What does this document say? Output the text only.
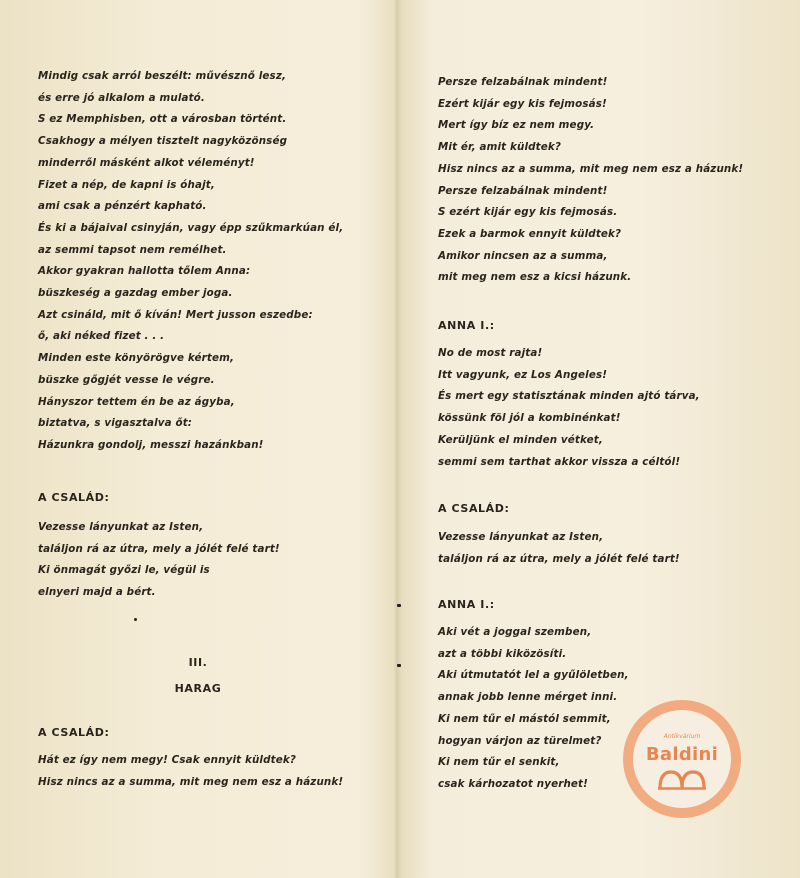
Mindig csak arról beszélt: művésznő lesz,
és erre jó alkalom a mulató.
S ez Memphisben, ott a városban történt.
Csakhogy a mélyen tisztelt nagyközönség
minderről másként alkot véleményt!
Fizet a nép, de kapni is óhajt,
ami csak a pénzért kapható.
És ki a bájaival csinyján, vagy épp szűkmarkúan él,
az semmi tapsot nem remélhet.
Akkor gyakran hallotta tőlem Anna:
büszkeség a gazdag ember joga.
Azt csináld, mit ő kíván! Mert jusson eszedbe:
ő, aki néked fizet . . .
Minden este könyörögve kértem,
büszke gőgjét vesse le végre.
Hányszor tettem én be az ágyba,
biztatva, s vigasztalva őt:
Házunkra gondolj, messzi hazánkban!
A CSALÁD:
Vezesse lányunkat az Isten,
találjon rá az útra, mely a jólét felé tart!
Ki önmagát győzi le, végül is
elnyeri majd a bért.
III.
HARAG
A CSALÁD:
Hát ez így nem megy! Csak ennyit küldtek?
Hisz nincs az a summa, mit meg nem esz a házunk!
Persze felzabálnak mindent!
Ezért kijár egy kis fejmosás!
Mert így bíz ez nem megy.
Mit ér, amit küldtek?
Hisz nincs az a summa, mit meg nem esz a házunk!
Persze felzabálnak mindent!
S ezért kijár egy kis fejmosás.
Ezek a barmok ennyit küldtek?
Amikor nincsen az a summa,
mit meg nem esz a kicsi házunk.
ANNA I.:
No de most rajta!
Itt vagyunk, ez Los Angeles!
És mert egy statisztának minden ajtó tárva,
kössünk föl jól a kombinénkat!
Kerüljünk el minden vétket,
semmi sem tarthat akkor vissza a céltól!
A CSALÁD:
Vezesse lányunkat az Isten,
találjon rá az útra, mely a jólét felé tart!
ANNA I.:
Aki vét a joggal szemben,
azt a többi kiközösíti.
Aki útmutatót lel a gyűlöletben,
annak jobb lenne mérget inni.
Ki nem tűr el mástól semmit,
hogyan várjon az türelmet?
Ki nem tűr el senkit,
csak kárhozatot nyerhet!
Antikvárium
Baldini
